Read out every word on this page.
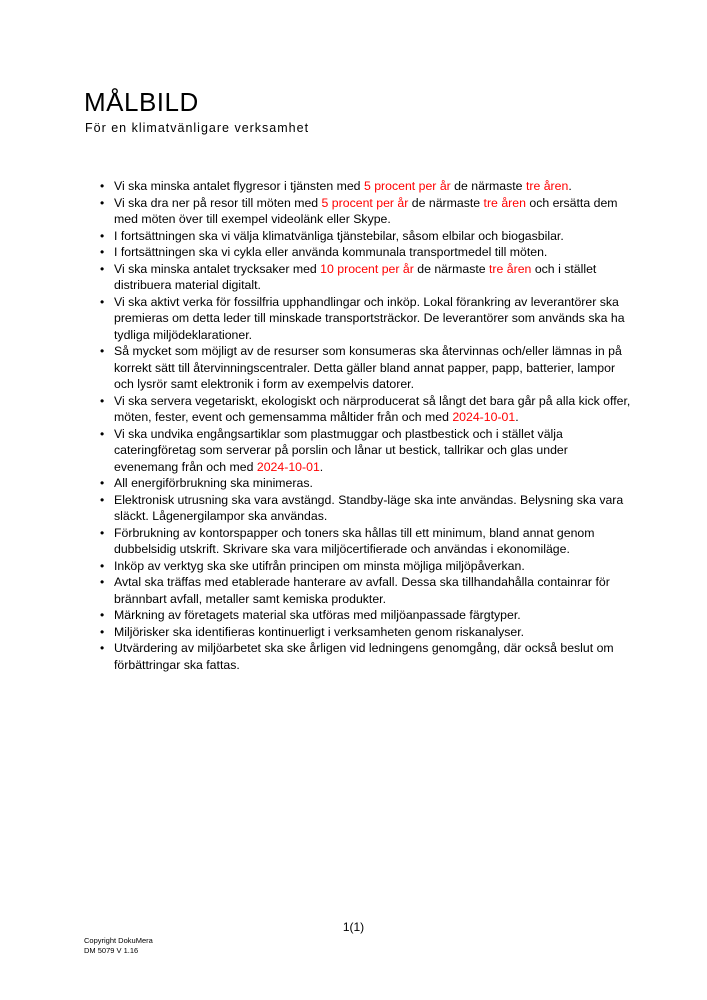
MÅLBILD

För en klimatvänligare verksamhet

• Vi ska minska antalet flygresor i tjänsten med 5 procent per år de närmaste tre åren.
• Vi ska dra ner på resor till möten med 5 procent per år de närmaste tre åren och ersätta dem med möten över till exempel videolänk eller Skype.
• I fortsättningen ska vi välja klimatvänliga tjänstebilar, såsom elbilar och biogasbilar.
• I fortsättningen ska vi cykla eller använda kommunala transportmedel till möten.
• Vi ska minska antalet trycksaker med 10 procent per år de närmaste tre åren och i stället distribuera material digitalt.
• Vi ska aktivt verka för fossilfria upphandlingar och inköp. Lokal förankring av leverantörer ska premieras om detta leder till minskade transportsträckor. De leverantörer som används ska ha tydliga miljödeklarationer.
• Så mycket som möjligt av de resurser som konsumeras ska återvinnas och/eller lämnas in på korrekt sätt till återvinningscentraler. Detta gäller bland annat papper, papp, batterier, lampor och lysrör samt elektronik i form av exempelvis datorer.
• Vi ska servera vegetariskt, ekologiskt och närproducerat så långt det bara går på alla kick offer, möten, fester, event och gemensamma måltider från och med 2024-10-01.
• Vi ska undvika engångsartiklar som plastmuggar och plastbestick och i stället välja cateringföretag som serverar på porslin och lånar ut bestick, tallrikar och glas under evenemang från och med 2024-10-01.
• All energiförbrukning ska minimeras.
• Elektronisk utrusning ska vara avstängd. Standby-läge ska inte användas. Belysning ska vara släckt. Lågenergilampor ska användas.
• Förbrukning av kontorspapper och toners ska hållas till ett minimum, bland annat genom dubbelsidig utskrift. Skrivare ska vara miljöcertifierade och användas i ekonomiläge.
• Inköp av verktyg ska ske utifrån principen om minsta möjliga miljöpåverkan.
• Avtal ska träffas med etablerade hanterare av avfall. Dessa ska tillhandahålla containrar för brännbart avfall, metaller samt kemiska produkter.
• Märkning av företagets material ska utföras med miljöanpassade färgtyper.
• Miljörisker ska identifieras kontinuerligt i verksamheten genom riskanalyser.
• Utvärdering av miljöarbetet ska ske årligen vid ledningens genomgång, där också beslut om förbättringar ska fattas.
1(1)
Copyright DokuMera
DM 5079 V 1.16
